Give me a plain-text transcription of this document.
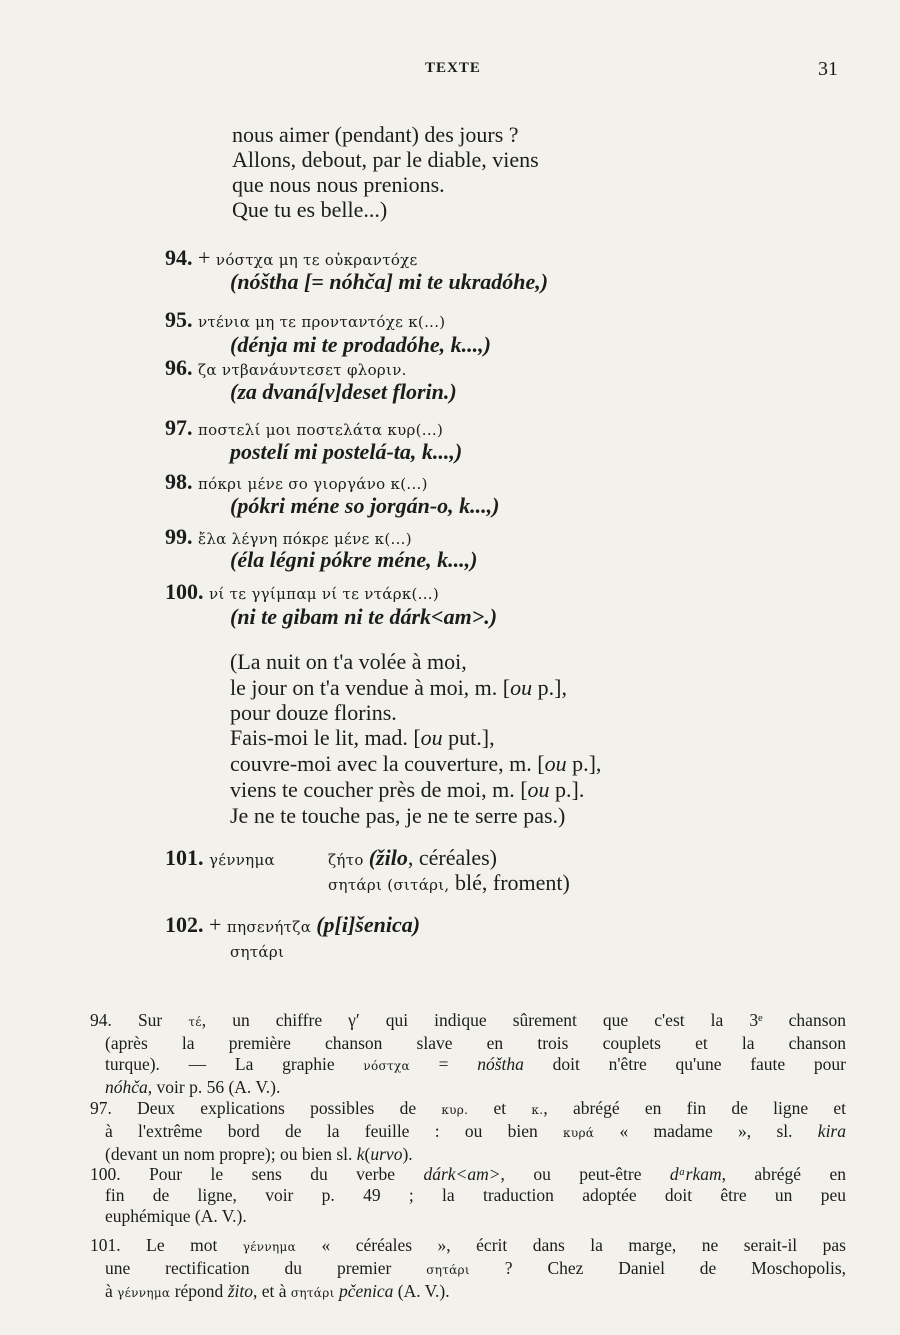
TEXTE	31
nous aimer (pendant) des jours ?
Allons, debout, par le diable, viens
que nous nous prenions.
Que tu es belle...)
94. + νόστχα μη τε οὐκραντόχε
(nóštha [= nóhča] mi te ukradóhe,)
95. ντένια μη τε προνταντόχε κ(...)
(dénja mi te prodadóhe, k...,)
96. ζα ντβανάυντεσετ φλοριν.
(za dvaná[v]deset florin.)
97. ποστελί μοι ποστελάτα κυρ(...)
postelí mi postelá-ta, k...,)
98. πόκρι μένε σο γιοργάνο κ(...)
(pókri méne so jorgán-o, k...,)
99. ἔλα λέγνη πόκρε μένε κ(...)
(éla légni pókre méne, k...,)
100. νί τε γγίμπαμ νί τε ντάρκ(...)
(ni te gibam ni te dárk<am>.)
(La nuit on t'a volée à moi,
le jour on t'a vendue à moi, m. [ou p.],
pour douze florins.
Fais-moi le lit, mad. [ou put.],
couvre-moi avec la couverture, m. [ou p.],
viens te coucher près de moi, m. [ou p.].
Je ne te touche pas, je ne te serre pas.)
101. γέννημα	ζήτο (žilo, céréales)
σητάρι (σιτάρι, blé, froment)
102. + πησενήτζα (p[i]šenica)
σητάρι
94. Sur τέ, un chiffre γ′ qui indique sûrement que c'est la 3ᵉ chanson
(après la première chanson slave en trois couplets et la chanson
turque). — La graphie νόστχα = nóštha doit n'être qu'une faute pour
nóhča, voir p. 56 (A. V.).
97. Deux explications possibles de κυρ. et κ., abrégé en fin de ligne et
à l'extrême bord de la feuille : ou bien κυρά « madame », sl. kira
(devant un nom propre); ou bien sl. k(urvo).
100. Pour le sens du verbe dárk<am>, ou peut-être dᵃrkam, abrégé en
fin de ligne, voir p. 49 ; la traduction adoptée doit être un peu
euphémique (A. V.).
101. Le mot γέννημα « céréales », écrit dans la marge, ne serait-il pas
une rectification du premier σητάρι ? Chez Daniel de Moschopolis,
à γέννημα répond žito, et à σητάρι pčenica (A. V.).
